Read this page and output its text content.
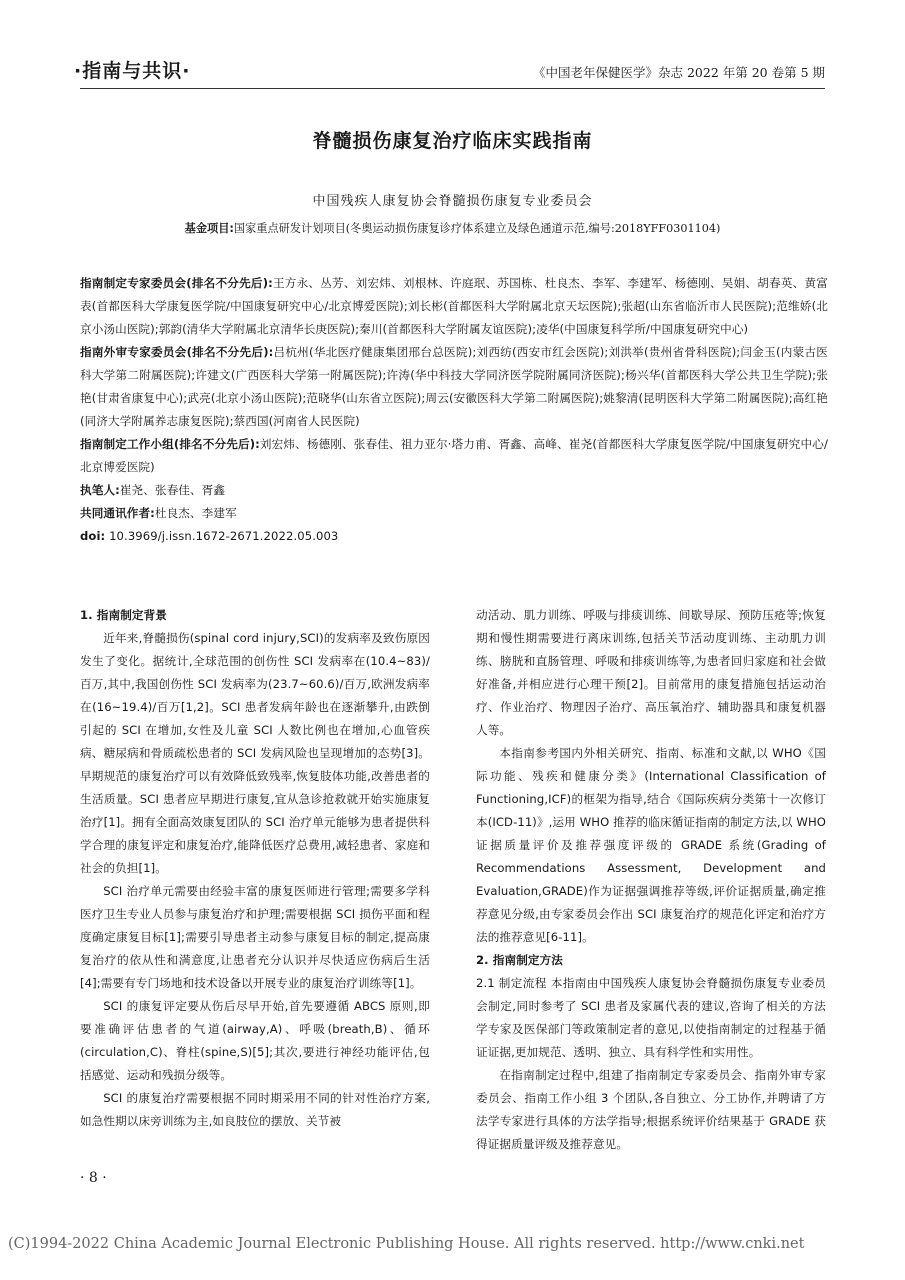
·指南与共识·	《中国老年保健医学》杂志 2022 年第 20 卷第 5 期
脊髓损伤康复治疗临床实践指南
中国残疾人康复协会脊髓损伤康复专业委员会
基金项目:国家重点研发计划项目(冬奥运动损伤康复诊疗体系建立及绿色通道示范,编号:2018YFF0301104)

指南制定专家委员会(排名不分先后):王方永、丛芳、刘宏炜、刘根林、许庭珉、苏国栋、杜良杰、李军、李建军、杨德刚、吴娟、胡春英、黄富表(首都医科大学康复医学院/中国康复研究中心/北京博爱医院);刘长彬(首都医科大学附属北京天坛医院);张超(山东省临沂市人民医院);范维娇(北京小汤山医院);郭韵(清华大学附属北京清华长庚医院);秦川(首都医科大学附属友谊医院);凌华(中国康复科学所/中国康复研究中心)

指南外审专家委员会(排名不分先后):吕杭州(华北医疗健康集团邢台总医院);刘西纺(西安市红会医院);刘洪举(贵州省骨科医院);闫金玉(内蒙古医科大学第二附属医院);许建文(广西医科大学第一附属医院);许涛(华中科技大学同济医学院附属同济医院);杨兴华(首都医科大学公共卫生学院);张艳(甘肃省康复中心);武亮(北京小汤山医院);范晓华(山东省立医院);周云(安徽医科大学第二附属医院);姚黎清(昆明医科大学第二附属医院);高红艳(同济大学附属养志康复医院);蔡西国(河南省人民医院)

指南制定工作小组(排名不分先后):刘宏炜、杨德刚、张春佳、祖力亚尔·塔力甫、胥鑫、高峰、崔尧(首都医科大学康复医学院/中国康复研究中心/北京博爱医院)

执笔人:崔尧、张春佳、胥鑫

共同通讯作者:杜良杰、李建军

doi: 10.3969/j.issn.1672-2671.2022.05.003

1. 指南制定背景

近年来,脊髓损伤(spinal cord injury,SCI)的发病率及致伤原因发生了变化。据统计,全球范围的创伤性 SCI 发病率在(10.4~83)/百万,其中,我国创伤性 SCI 发病率为(23.7~60.6)/百万,欧洲发病率在(16~19.4)/百万[1,2]。SCI 患者发病年龄也在逐渐攀升,由跌倒引起的 SCI 在增加,女性及儿童 SCI 人数比例也在增加,心血管疾病、糖尿病和骨质疏松患者的 SCI 发病风险也呈现增加的态势[3]。早期规范的康复治疗可以有效降低致残率,恢复肢体功能,改善患者的生活质量。SCI 患者应早期进行康复,宜从急诊抢救就开始实施康复治疗[1]。拥有全面高效康复团队的 SCI 治疗单元能够为患者提供科学合理的康复评定和康复治疗,能降低医疗总费用,减轻患者、家庭和社会的负担[1]。

SCI 治疗单元需要由经验丰富的康复医师进行管理;需要多学科医疗卫生专业人员参与康复治疗和护理;需要根据 SCI 损伤平面和程度确定康复目标[1];需要引导患者主动参与康复目标的制定,提高康复治疗的依从性和满意度,让患者充分认识并尽快适应伤病后生活[4];需要有专门场地和技术设备以开展专业的康复治疗训练等[1]。

SCI 的康复评定要从伤后尽早开始,首先要遵循 ABCS 原则,即要准确评估患者的气道(airway,A)、呼吸(breath,B)、循环(circulation,C)、脊柱(spine,S)[5];其次,要进行神经功能评估,包括感觉、运动和残损分级等。

SCI 的康复治疗需要根据不同时期采用不同的针对性治疗方案,如急性期以床旁训练为主,如良肢位的摆放、关节被

动活动、肌力训练、呼吸与排痰训练、间歇导尿、预防压疮等;恢复期和慢性期需要进行离床训练,包括关节活动度训练、主动肌力训练、膀胱和直肠管理、呼吸和排痰训练等,为患者回归家庭和社会做好准备,并相应进行心理干预[2]。目前常用的康复措施包括运动治疗、作业治疗、物理因子治疗、高压氧治疗、辅助器具和康复机器人等。

本指南参考国内外相关研究、指南、标准和文献,以 WHO《国际功能、残疾和健康分类》(International Classification of Functioning,ICF)的框架为指导,结合《国际疾病分类第十一次修订本(ICD-11)》,运用 WHO 推荐的临床循证指南的制定方法,以 WHO 证据质量评价及推荐强度评级的 GRADE 系统(Grading of Recommendations Assessment, Development and Evaluation,GRADE)作为证据强调推荐等级,评价证据质量,确定推荐意见分级,由专家委员会作出 SCI 康复治疗的规范化评定和治疗方法的推荐意见[6-11]。

2. 指南制定方法

2.1 制定流程 本指南由中国残疾人康复协会脊髓损伤康复专业委员会制定,同时参考了 SCI 患者及家属代表的建议,咨询了相关的方法学专家及医保部门等政策制定者的意见,以使指南制定的过程基于循证证据,更加规范、透明、独立、具有科学性和实用性。

在指南制定过程中,组建了指南制定专家委员会、指南外审专家委员会、指南工作小组 3 个团队,各自独立、分工协作,并聘请了方法学专家进行具体的方法学指导;根据系统评价结果基于 GRADE 获得证据质量评级及推荐意见。

· 8 ·
(C)1994-2022 China Academic Journal Electronic Publishing House. All rights reserved. http://www.cnki.net
